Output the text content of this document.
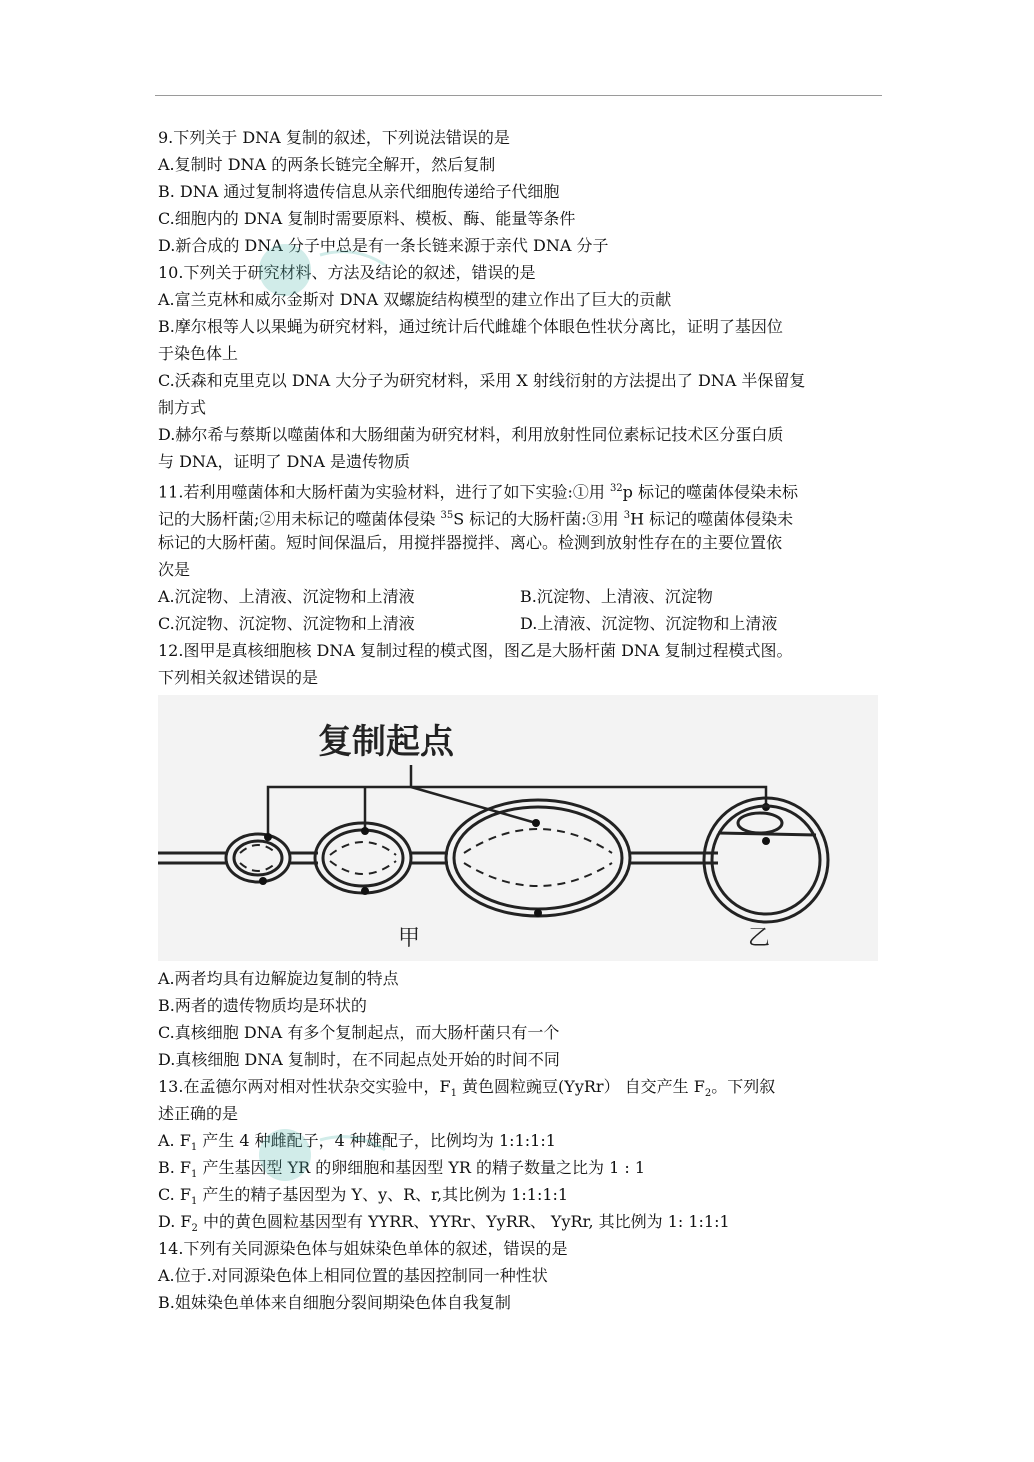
9.下列关于 DNA 复制的叙述，下列说法错误的是
A.复制时 DNA 的两条长链完全解开，然后复制
B. DNA 通过复制将遗传信息从亲代细胞传递给子代细胞
C.细胞内的 DNA 复制时需要原料、模板、酶、能量等条件
D.新合成的 DNA 分子中总是有一条长链来源于亲代 DNA 分子
10.下列关于研究材料、方法及结论的叙述，错误的是
A.富兰克林和威尔金斯对 DNA 双螺旋结构模型的建立作出了巨大的贡献
B.摩尔根等人以果蝇为研究材料，通过统计后代雌雄个体眼色性状分离比，证明了基因位
于染色体上
C.沃森和克里克以 DNA 大分子为研究材料，采用 X 射线衍射的方法提出了 DNA 半保留复
制方式
D.赫尔希与蔡斯以噬菌体和大肠细菌为研究材料，利用放射性同位素标记技术区分蛋白质
与 DNA，证明了 DNA 是遗传物质
11.若利用噬菌体和大肠杆菌为实验材料，进行了如下实验:①用 $^{32}$p 标记的噬菌体侵染未标
记的大肠杆菌;②用未标记的噬菌体侵染 $^{35}$S 标记的大肠杆菌:③用 $^3$H 标记的噬菌体侵染未
标记的大肠杆菌。短时间保温后，用搅拌器搅拌、离心。检测到放射性存在的主要位置依
次是
A.沉淀物、上清液、沉淀物和上清液	B.沉淀物、上清液、沉淀物
C.沉淀物、沉淀物、沉淀物和上清液	D.上清液、沉淀物、沉淀物和上清液
12.图甲是真核细胞核 DNA 复制过程的模式图，图乙是大肠杆菌 DNA 复制过程模式图。
下列相关叙述错误的是
复制起点
甲	乙
A.两者均具有边解旋边复制的特点
B.两者的遗传物质均是环状的
C.真核细胞 DNA 有多个复制起点，而大肠杆菌只有一个
D.真核细胞 DNA 复制时，在不同起点处开始的时间不同
13.在孟德尔两对相对性状杂交实验中，$F_1$ 黄色圆粒豌豆(YyRr） 自交产生 $F_2$。下列叙
述正确的是
A. $F_1$ 产生 4 种雌配子，4 种雄配子，比例均为 1:1:1:1
B. $F_1$ 产生基因型 YR 的卵细胞和基因型 YR 的精子数量之比为 1 : 1
C. $F_1$ 产生的精子基因型为 Y、y、R、r,其比例为 1:1:1:1
D. $F_2$ 中的黄色圆粒基因型有 YYRR、YYRr、YyRR、 YyRr, 其比例为 1: 1:1:1
14.下列有关同源染色体与姐妹染色单体的叙述，错误的是
A.位于.对同源染色体上相同位置的基因控制同一种性状
B.姐妹染色单体来自细胞分裂间期染色体自我复制
